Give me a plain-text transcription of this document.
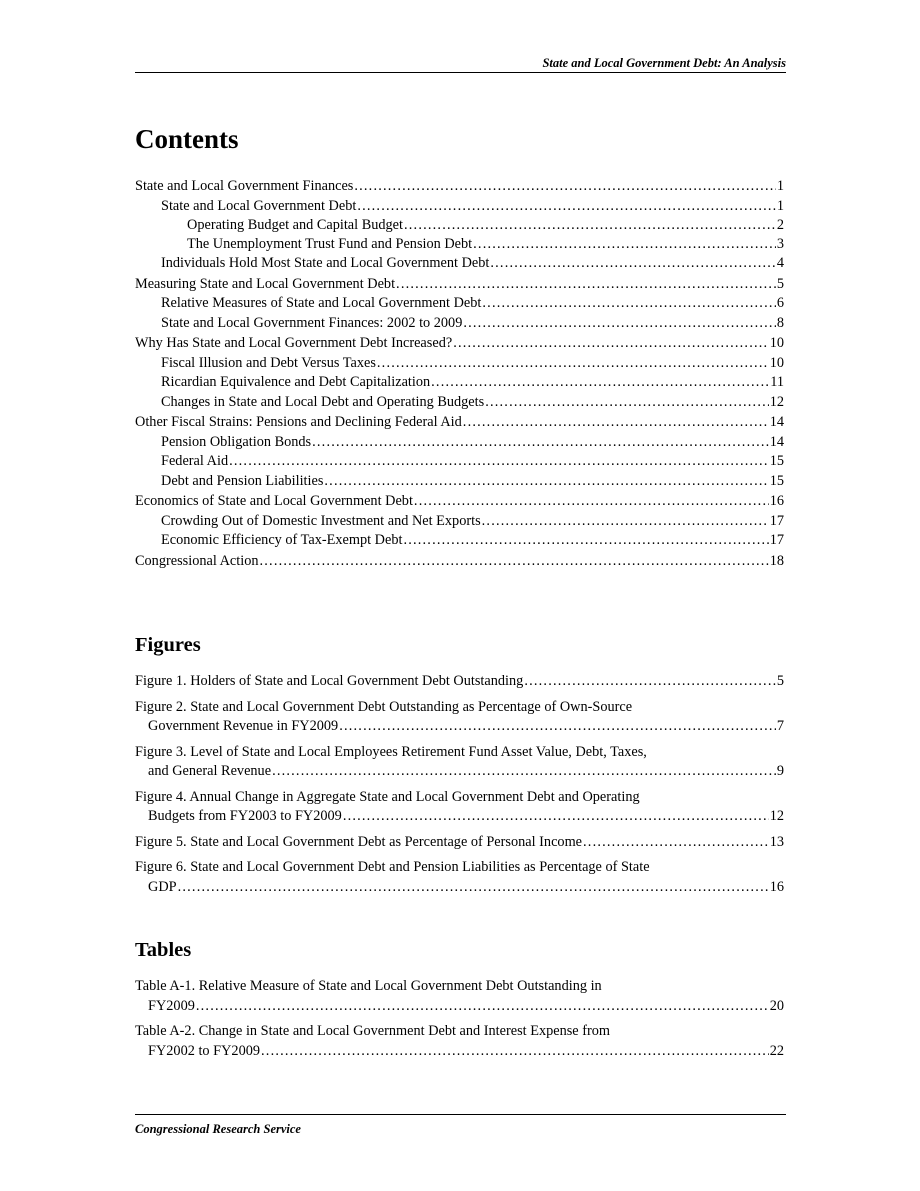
State and Local Government Debt: An Analysis
Contents
State and Local Government Finances .....	1
State and Local Government Debt .....	1
Operating Budget and Capital Budget .....	2
The Unemployment Trust Fund and Pension Debt .....	3
Individuals Hold Most State and Local Government Debt .....	4
Measuring State and Local Government Debt .....	5
Relative Measures of State and Local Government Debt .....	6
State and Local Government Finances: 2002 to 2009 .....	8
Why Has State and Local Government Debt Increased? .....	10
Fiscal Illusion and Debt Versus Taxes .....	10
Ricardian Equivalence and Debt Capitalization .....	11
Changes in State and Local Debt and Operating Budgets .....	12
Other Fiscal Strains: Pensions and Declining Federal Aid .....	14
Pension Obligation Bonds .....	14
Federal Aid .....	15
Debt and Pension Liabilities .....	15
Economics of State and Local Government Debt .....	16
Crowding Out of Domestic Investment and Net Exports .....	17
Economic Efficiency of Tax-Exempt Debt .....	17
Congressional Action .....	18
Figures
Figure 1. Holders of State and Local Government Debt Outstanding .....	5
Figure 2. State and Local Government Debt Outstanding as Percentage of Own-Source
Government Revenue in FY2009 .....	7
Figure 3. Level of State and Local Employees Retirement Fund Asset Value, Debt, Taxes,
and General Revenue .....	9
Figure 4. Annual Change in Aggregate State and Local Government Debt and Operating
Budgets from FY2003 to FY2009 .....	12
Figure 5. State and Local Government Debt as Percentage of Personal Income .....	13
Figure 6. State and Local Government Debt and Pension Liabilities as Percentage of State
GDP .....	16
Tables
Table A-1. Relative Measure of State and Local Government Debt Outstanding in
FY2009 .....	20
Table A-2. Change in State and Local Government Debt and Interest Expense from
FY2002 to FY2009 .....	22
Congressional Research Service
